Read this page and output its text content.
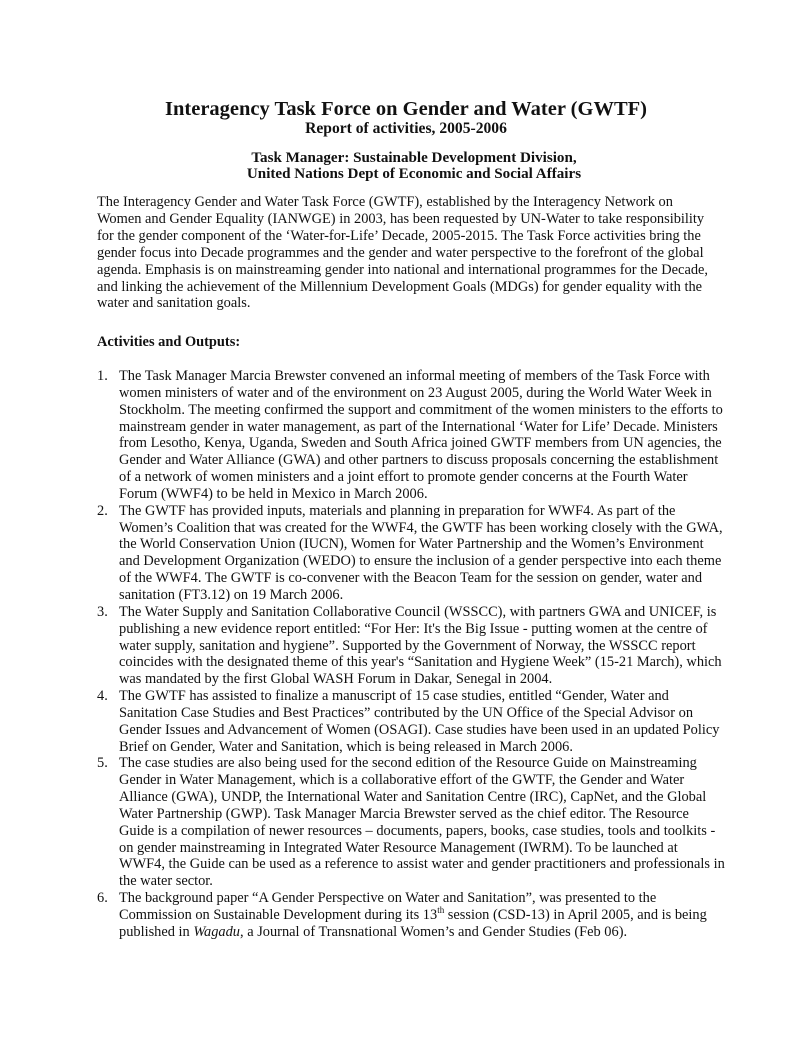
Interagency Task Force on Gender and Water (GWTF)
Report of activities, 2005-2006
Task Manager: Sustainable Development Division,
United Nations Dept of Economic and Social Affairs

The Interagency Gender and Water Task Force (GWTF), established by the Interagency Network on Women and Gender Equality (IANWGE) in 2003, has been requested by UN-Water to take responsibility for the gender component of the ‘Water-for-Life’ Decade, 2005-2015. The Task Force activities bring the gender focus into Decade programmes and the gender and water perspective to the forefront of the global agenda. Emphasis is on mainstreaming gender into national and international programmes for the Decade, and linking the achievement of the Millennium Development Goals (MDGs) for gender equality with the water and sanitation goals.

Activities and Outputs:

1. The Task Manager Marcia Brewster convened an informal meeting of members of the Task Force with women ministers of water and of the environment on 23 August 2005, during the World Water Week in Stockholm. The meeting confirmed the support and commitment of the women ministers to the efforts to mainstream gender in water management, as part of the International ‘Water for Life’ Decade. Ministers from Lesotho, Kenya, Uganda, Sweden and South Africa joined GWTF members from UN agencies, the Gender and Water Alliance (GWA) and other partners to discuss proposals concerning the establishment of a network of women ministers and a joint effort to promote gender concerns at the Fourth Water Forum (WWF4) to be held in Mexico in March 2006.
2. The GWTF has provided inputs, materials and planning in preparation for WWF4. As part of the Women’s Coalition that was created for the WWF4, the GWTF has been working closely with the GWA, the World Conservation Union (IUCN), Women for Water Partnership and the Women’s Environment and Development Organization (WEDO) to ensure the inclusion of a gender perspective into each theme of the WWF4. The GWTF is co-convener with the Beacon Team for the session on gender, water and sanitation (FT3.12) on 19 March 2006.
3. The Water Supply and Sanitation Collaborative Council (WSSCC), with partners GWA and UNICEF, is publishing a new evidence report entitled: “For Her: It's the Big Issue - putting women at the centre of water supply, sanitation and hygiene”. Supported by the Government of Norway, the WSSCC report coincides with the designated theme of this year's “Sanitation and Hygiene Week” (15-21 March), which was mandated by the first Global WASH Forum in Dakar, Senegal in 2004.
4. The GWTF has assisted to finalize a manuscript of 15 case studies, entitled “Gender, Water and Sanitation Case Studies and Best Practices” contributed by the UN Office of the Special Advisor on Gender Issues and Advancement of Women (OSAGI). Case studies have been used in an updated Policy Brief on Gender, Water and Sanitation, which is being released in March 2006.
5. The case studies are also being used for the second edition of the Resource Guide on Mainstreaming Gender in Water Management, which is a collaborative effort of the GWTF, the Gender and Water Alliance (GWA), UNDP, the International Water and Sanitation Centre (IRC), CapNet, and the Global Water Partnership (GWP). Task Manager Marcia Brewster served as the chief editor. The Resource Guide is a compilation of newer resources – documents, papers, books, case studies, tools and toolkits - on gender mainstreaming in Integrated Water Resource Management (IWRM). To be launched at WWF4, the Guide can be used as a reference to assist water and gender practitioners and professionals in the water sector.
6. The background paper “A Gender Perspective on Water and Sanitation”, was presented to the Commission on Sustainable Development during its 13th session (CSD-13) in April 2005, and is being published in Wagadu, a Journal of Transnational Women’s and Gender Studies (Feb 06).
